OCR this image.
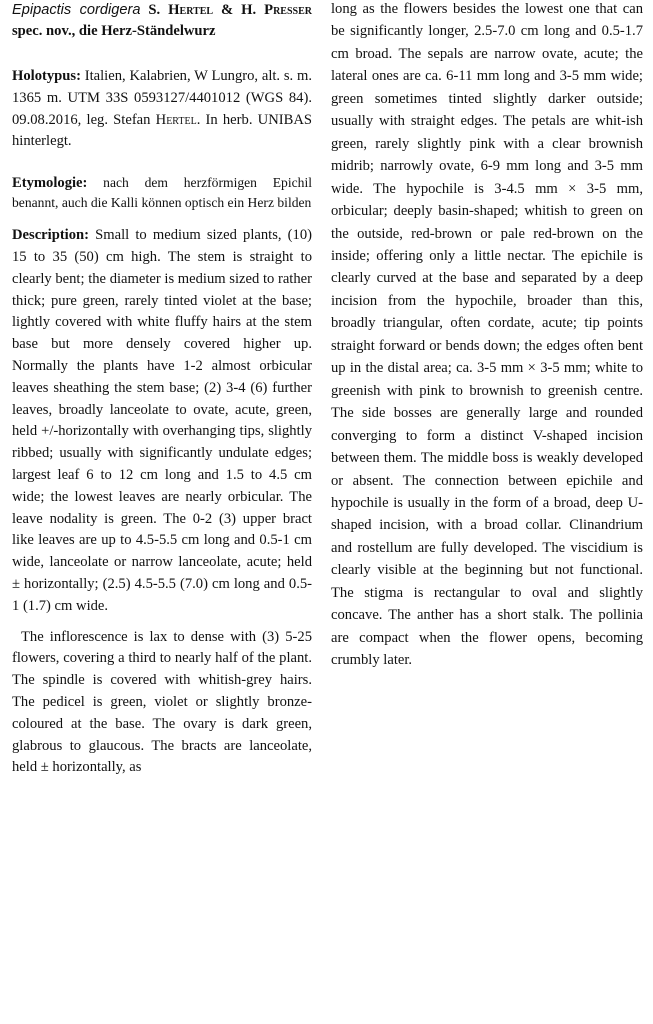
Epipactis cordigera S. Hertel & H. Presser spec. nov., die Herz-Ständelwurz

Holotypus: Italien, Kalabrien, W Lungro, alt. s. m. 1365 m. UTM 33S 0593127/4401012 (WGS 84). 09.08.2016, leg. Stefan Hertel. In herb. UNIBAS hinterlegt.

Etymologie: nach dem herzförmigen Epichil benannt, auch die Kalli können optisch ein Herz bilden

Description: Small to medium sized plants, (10) 15 to 35 (50) cm high. The stem is straight to clearly bent; the diameter is medium sized to rather thick; pure green, rarely tinted violet at the base; lightly covered with white fluffy hairs at the stem base but more densely covered higher up. Normally the plants have 1-2 almost orbicular leaves sheathing the stem base; (2) 3-4 (6) further leaves, broadly lanceolate to ovate, acute, green, held +/-horizontally with overhanging tips, slightly ribbed; usually with significantly undulate edges; largest leaf 6 to 12 cm long and 1.5 to 4.5 cm wide; the lowest leaves are nearly orbicular. The leave nodality is green. The 0-2 (3) upper bract like leaves are up to 4.5-5.5 cm long and 0.5-1 cm wide, lanceolate or narrow lanceolate, acute; held ± horizontally; (2.5) 4.5-5.5 (7.0) cm long and 0.5-1 (1.7) cm wide.

The inflorescence is lax to dense with (3) 5-25 flowers, covering a third to nearly half of the plant. The spindle is covered with whitish-grey hairs. The pedicel is green, violet or slightly bronze-coloured at the base. The ovary is dark green, glabrous to glaucous. The bracts are lanceolate, held ± horizontally, as

long as the flowers besides the lowest one that can be significantly longer, 2.5-7.0 cm long and 0.5-1.7 cm broad. The sepals are narrow ovate, acute; the lateral ones are ca. 6-11 mm long and 3-5 mm wide; green sometimes tinted slightly darker outside; usually with straight edges. The petals are whit-ish green, rarely slightly pink with a clear brownish midrib; narrowly ovate, 6-9 mm long and 3-5 mm wide. The hypochile is 3-4.5 mm × 3-5 mm, orbicular; deeply basin-shaped; whitish to green on the outside, red-brown or pale red-brown on the inside; offering only a little nectar. The epichile is clearly curved at the base and separated by a deep incision from the hypochile, broader than this, broadly triangular, often cordate, acute; tip points straight forward or bends down; the edges often bent up in the distal area; ca. 3-5 mm × 3-5 mm; white to greenish with pink to brownish to greenish centre. The side bosses are generally large and rounded converging to form a distinct V-shaped incision between them. The middle boss is weakly developed or absent. The connection between epichile and hypochile is usually in the form of a broad, deep U-shaped incision, with a broad collar. Clinandrium and rostellum are fully developed. The viscidium is clearly visible at the beginning but not functional. The stigma is rectangular to oval and slightly concave. The anther has a short stalk. The pollinia are compact when the flower opens, becoming crumbly later.
